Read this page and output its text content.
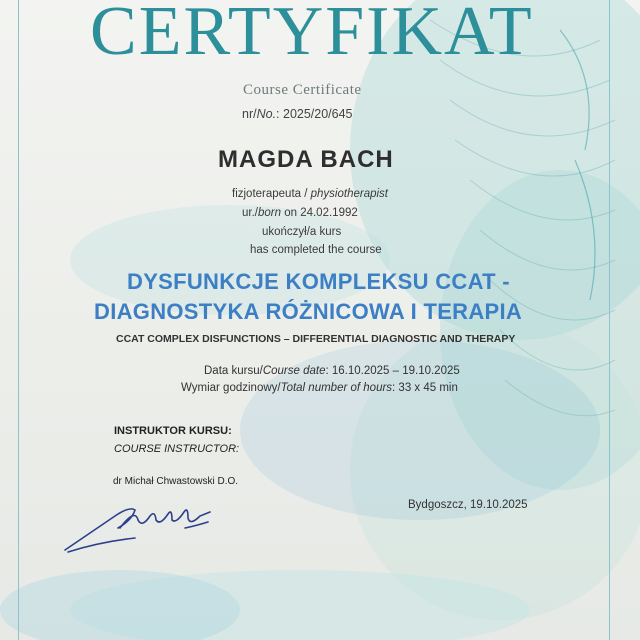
CERTYFIKAT
Course Certificate
nr/No.: 2025/20/645
MAGDA BACH
fizjoterapeuta / physiotherapist
ur./born on 24.02.1992
ukończył/a kurs
has completed the course
DYSFUNKCJE KOMPLEKSU CCAT -
DIAGNOSTYKA RÓŻNICOWA I TERAPIA
CCAT COMPLEX DISFUNCTIONS – DIFFERENTIAL DIAGNOSTIC AND THERAPY
Data kursu/Course date: 16.10.2025 – 19.10.2025
Wymiar godzinowy/Total number of hours: 33 x 45 min
INSTRUKTOR KURSU:
COURSE INSTRUCTOR:
dr Michał Chwastowski D.O.
Bydgoszcz, 19.10.2025
